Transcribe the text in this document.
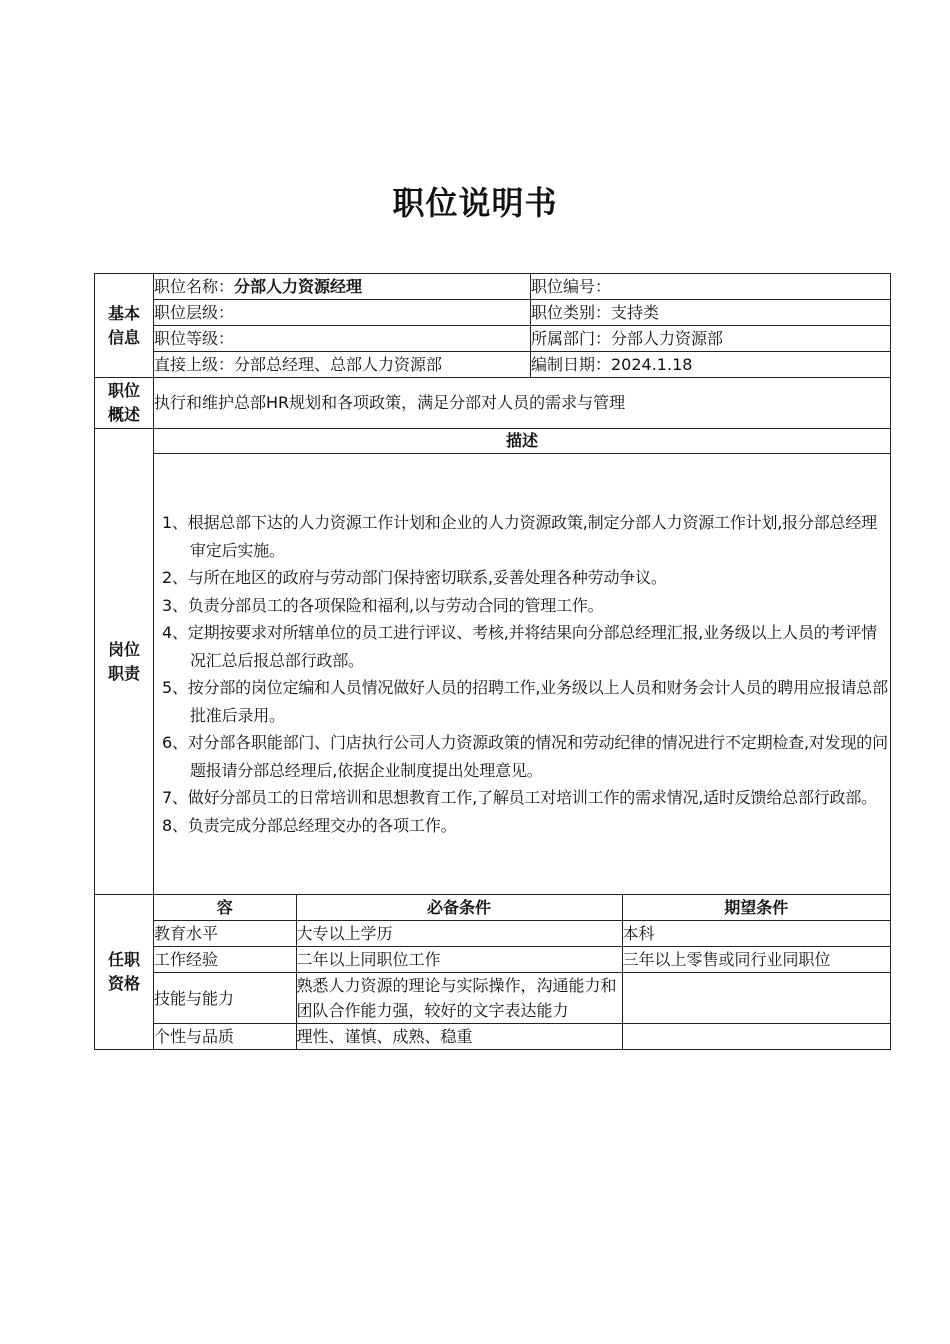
职位说明书
基本
信息
	职位名称：分部人力资源经理	职位编号：
职位层级：	职位类别：支持类
职位等级：	所属部门：分部人力资源部
直接上级：分部总经理、总部人力资源部	编制日期：2024.1.18

职位
概述
	执行和维护总部HR规划和各项政策，满足分部对人员的需求与管理

岗位
职责
	描述

1、根据总部下达的人力资源工作计划和企业的人力资源政策,制定分部人力资源工作计划,报分部总经理审定后实施。
2、与所在地区的政府与劳动部门保持密切联系,妥善处理各种劳动争议。
3、负责分部员工的各项保险和福利,以与劳动合同的管理工作。
4、定期按要求对所辖单位的员工进行评议、考核,并将结果向分部总经理汇报,业务级以上人员的考评情况汇总后报总部行政部。
5、按分部的岗位定编和人员情况做好人员的招聘工作,业务级以上人员和财务会计人员的聘用应报请总部批准后录用。
6、对分部各职能部门、门店执行公司人力资源政策的情况和劳动纪律的情况进行不定期检查,对发现的问题报请分部总经理后,依据企业制度提出处理意见。
7、做好分部员工的日常培训和思想教育工作,了解员工对培训工作的需求情况,适时反馈给总部行政部。
8、负责完成分部总经理交办的各项工作。

任职
资格

容	必备条件	期望条件
教育水平	大专以上学历	本科
工作经验	二年以上同职位工作	三年以上零售或同行业同职位
技能与能力	熟悉人力资源的理论与实际操作，沟通能力和团队合作能力强，较好的文字表达能力	
个性与品质	理性、谨慎、成熟、稳重	
